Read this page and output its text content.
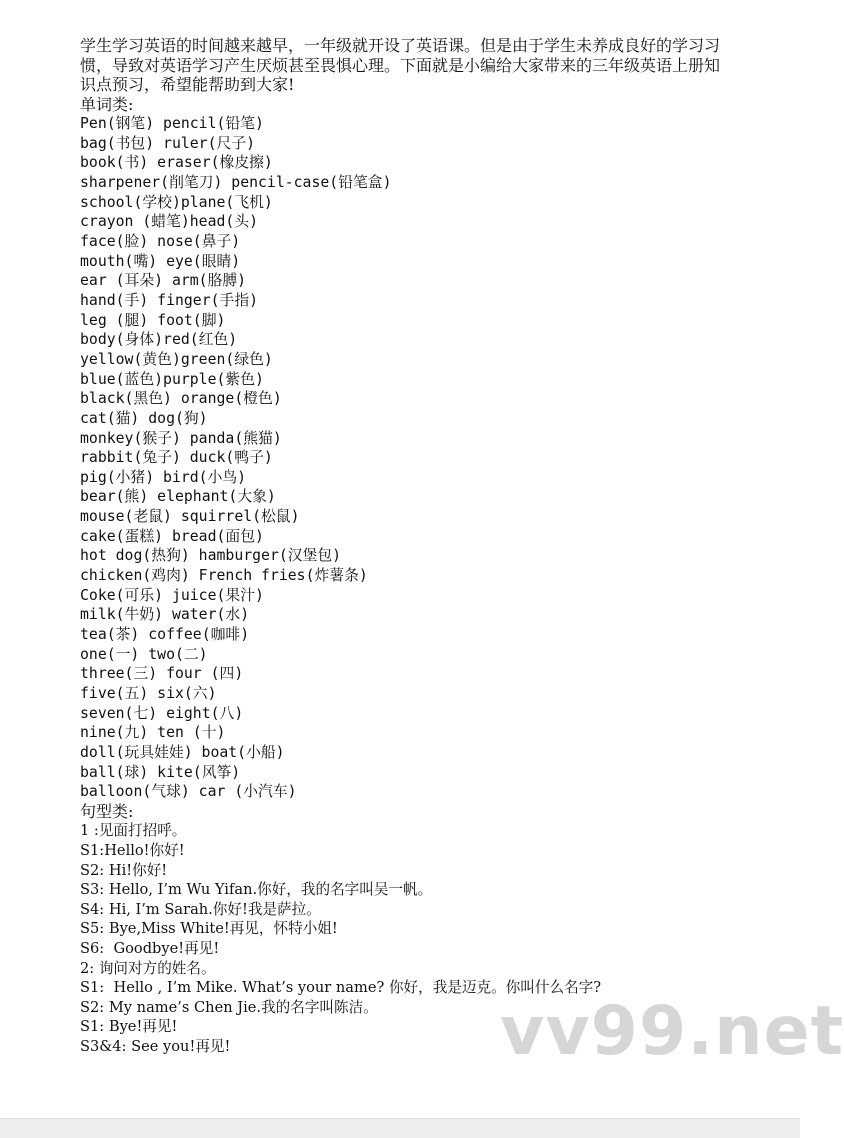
学生学习英语的时间越来越早，一年级就开设了英语课。但是由于学生未养成良好的学习习惯，导致对英语学习产生厌烦甚至畏惧心理。下面就是小编给大家带来的三年级英语上册知识点预习，希望能帮助到大家!

单词类:

Pen(钢笔) pencil(铅笔)
bag(书包) ruler(尺子)
book(书) eraser(橡皮擦)
sharpener(削笔刀) pencil-case(铅笔盒)
school(学校)plane(飞机)
crayon (蜡笔)head(头)
face(脸) nose(鼻子)
mouth(嘴) eye(眼睛)
ear (耳朵) arm(胳膊)
hand(手) finger(手指)
leg (腿) foot(脚)
body(身体)red(红色)
yellow(黄色)green(绿色)
blue(蓝色)purple(紫色)
black(黑色) orange(橙色)
cat(猫) dog(狗)
monkey(猴子) panda(熊猫)
rabbit(兔子) duck(鸭子)
pig(小猪) bird(小鸟)
bear(熊) elephant(大象)
mouse(老鼠) squirrel(松鼠)
cake(蛋糕) bread(面包)
hot dog(热狗) hamburger(汉堡包)
chicken(鸡肉) French fries(炸薯条)
Coke(可乐) juice(果汁)
milk(牛奶) water(水)
tea(茶) coffee(咖啡)
one(一) two(二)
three(三) four (四)
five(五) six(六)
seven(七) eight(八)
nine(九) ten (十)
doll(玩具娃娃) boat(小船)
ball(球) kite(风筝)
balloon(气球) car (小汽车)

句型类:

1 :见面打招呼。
S1:Hello!你好!
S2: Hi!你好!
S3: Hello, I’m Wu Yifan.你好，我的名字叫吴一帆。
S4: Hi, I’m Sarah.你好!我是萨拉。
S5: Bye,Miss White!再见，怀特小姐!
S6:  Goodbye!再见!
2: 询问对方的姓名。
S1:  Hello , I’m Mike. What’s your name? 你好，我是迈克。你叫什么名字?
S2: My name’s Chen Jie.我的名字叫陈洁。
S1: Bye!再见!
S3&4: See you!再见!	vv99.net
